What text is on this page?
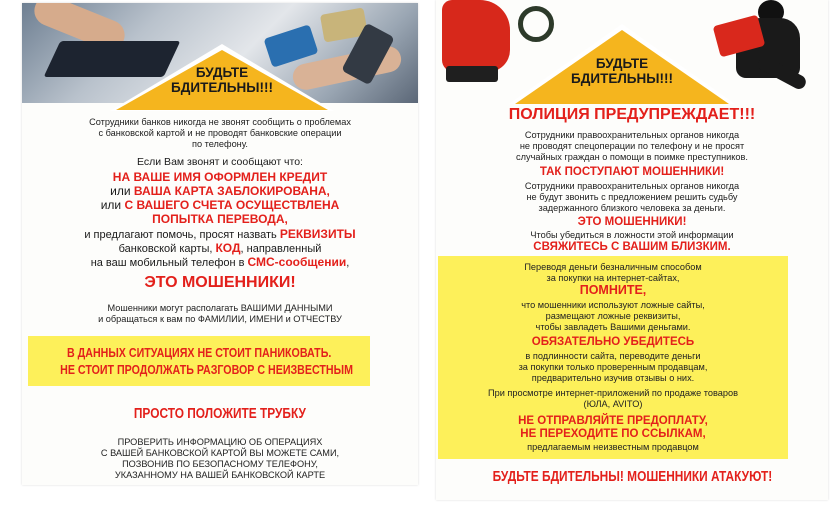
БУДЬТЕ
БДИТЕЛЬНЫ!!!
Сотрудники банков никогда не звонят сообщить о проблемах
с банковской картой и не проводят банковские операции
по телефону.
Если Вам звонят и сообщают что:
НА ВАШЕ ИМЯ ОФОРМЛЕН КРЕДИТ
или ВАША КАРТА ЗАБЛОКИРОВАНА,
или С ВАШЕГО СЧЕТА ОСУЩЕСТВЛЕНА
ПОПЫТКА ПЕРЕВОДА,
и предлагают помочь, просят назвать РЕКВИЗИТЫ
банковской карты, КОД, направленный
на ваш мобильный телефон в СМС-сообщении,
ЭТО МОШЕННИКИ!
Мошенники могут располагать ВАШИМИ ДАННЫМИ
и обращаться к вам по ФАМИЛИИ, ИМЕНИ и ОТЧЕСТВУ
В ДАННЫХ СИТУАЦИЯХ НЕ СТОИТ ПАНИКОВАТЬ.
НЕ СТОИТ ПРОДОЛЖАТЬ РАЗГОВОР С НЕИЗВЕСТНЫМ
ПРОСТО ПОЛОЖИТЕ ТРУБКУ
ПРОВЕРИТЬ ИНФОРМАЦИЮ ОБ ОПЕРАЦИЯХ
С ВАШЕЙ БАНКОВСКОЙ КАРТОЙ ВЫ МОЖЕТЕ САМИ,
ПОЗВОНИВ ПО БЕЗОПАСНОМУ ТЕЛЕФОНУ,
УКАЗАННОМУ НА ВАШЕЙ БАНКОВСКОЙ КАРТЕ
БУДЬТЕ
БДИТЕЛЬНЫ!!!
ПОЛИЦИЯ ПРЕДУПРЕЖДАЕТ!!!
Сотрудники правоохранительных органов никогда
не проводят спецоперации по телефону и не просят
случайных граждан о помощи в поимке преступников.
ТАК ПОСТУПАЮТ МОШЕННИКИ!
Сотрудники правоохранительных органов никогда
не будут звонить с предложением решить судьбу
задержанного близкого человека за деньги.
ЭТО МОШЕННИКИ!
Чтобы убедиться в ложности этой информации
СВЯЖИТЕСЬ С ВАШИМ БЛИЗКИМ.
Переводя деньги безналичным способом
за покупки на интернет-сайтах,
ПОМНИТЕ,
что мошенники используют ложные сайты,
размещают ложные реквизиты,
чтобы завладеть Вашими деньгами.
ОБЯЗАТЕЛЬНО УБЕДИТЕСЬ
в подлинности сайта, переводите деньги
за покупки только проверенным продавцам,
предварительно изучив отзывы о них.
При просмотре интернет-приложений по продаже товаров
(ЮЛА, AVITO)
НЕ ОТПРАВЛЯЙТЕ ПРЕДОПЛАТУ,
НЕ ПЕРЕХОДИТЕ ПО ССЫЛКАМ,
предлагаемым неизвестным продавцом
БУДЬТЕ БДИТЕЛЬНЫ! МОШЕННИКИ АТАКУЮТ!
